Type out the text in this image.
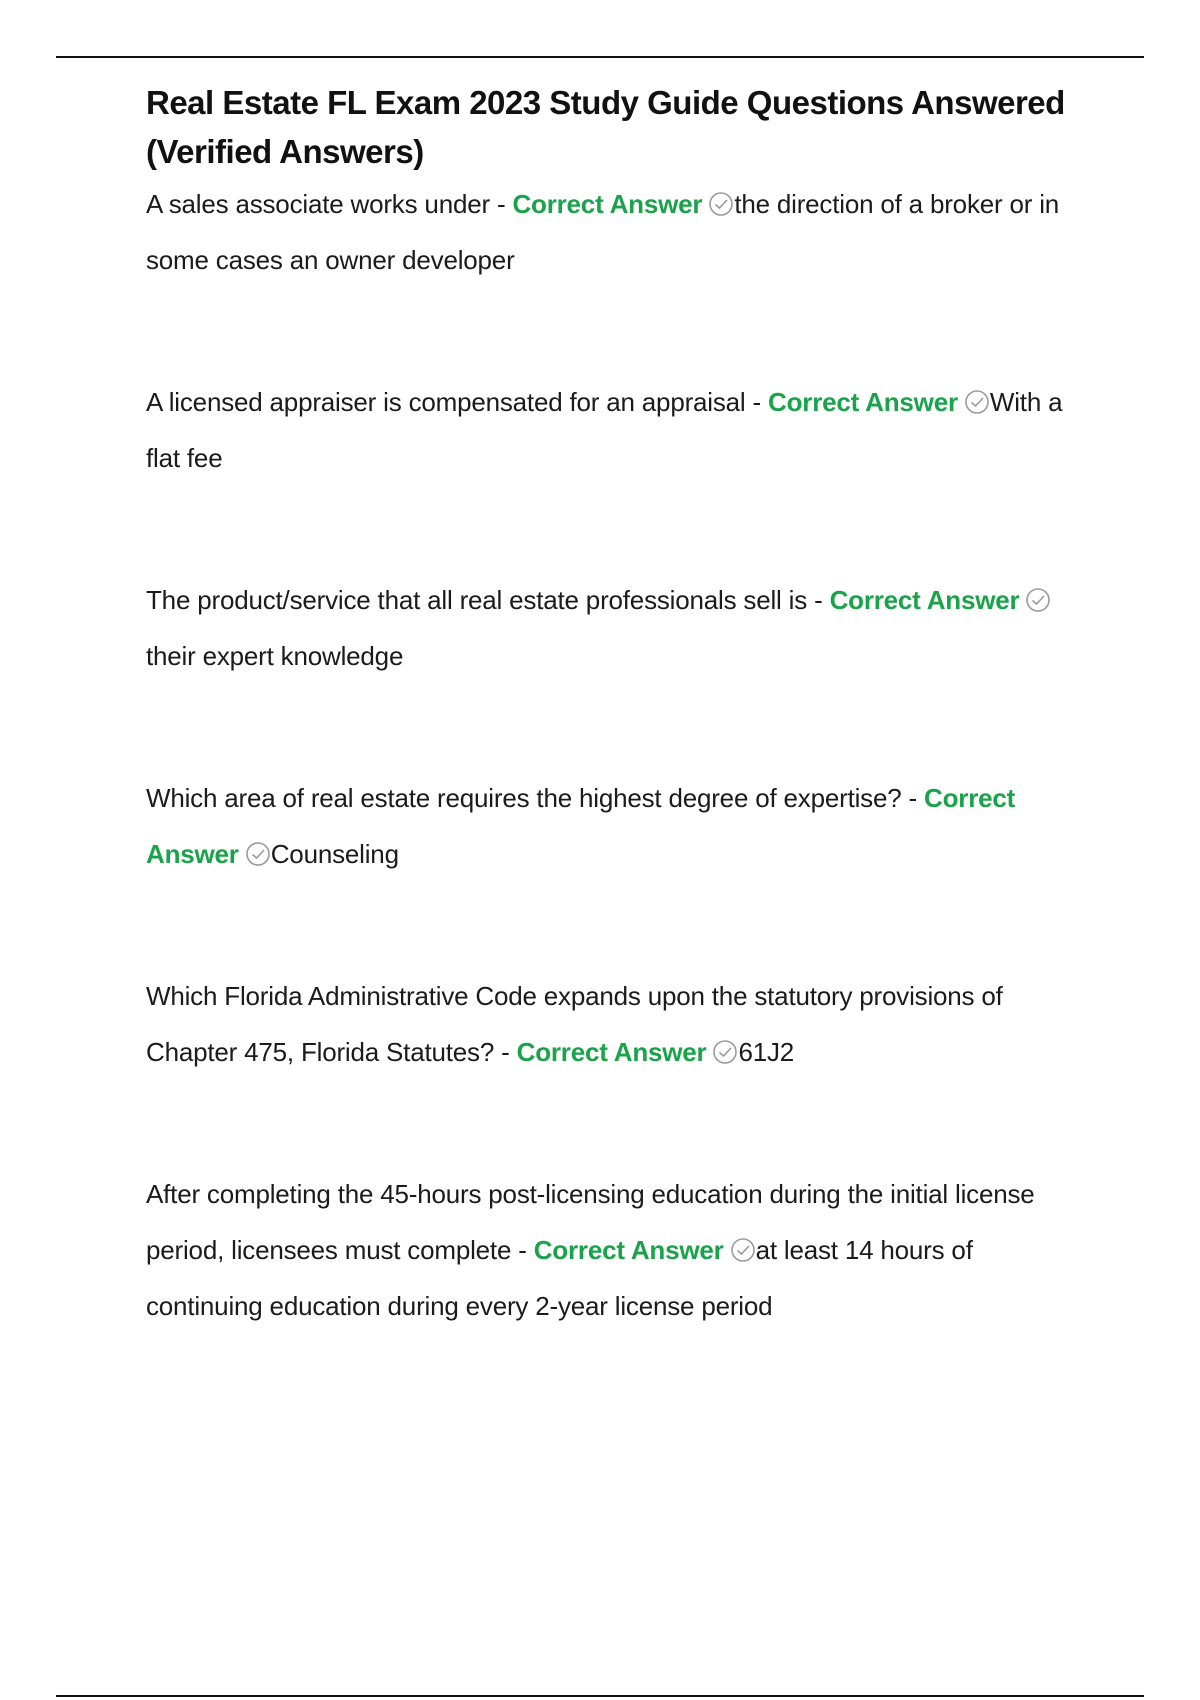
Real Estate FL Exam 2023 Study Guide Questions Answered (Verified Answers)

A sales associate works under - Correct Answer the direction of a broker or in some cases an owner developer

A licensed appraiser is compensated for an appraisal - Correct Answer With a flat fee

The product/service that all real estate professionals sell is - Correct Answer
their expert knowledge

Which area of real estate requires the highest degree of expertise? - Correct Answer Counseling

Which Florida Administrative Code expands upon the statutory provisions of Chapter 475, Florida Statutes? - Correct Answer 61J2

After completing the 45-hours post-licensing education during the initial license period, licensees must complete - Correct Answer at least 14 hours of continuing education during every 2-year license period
